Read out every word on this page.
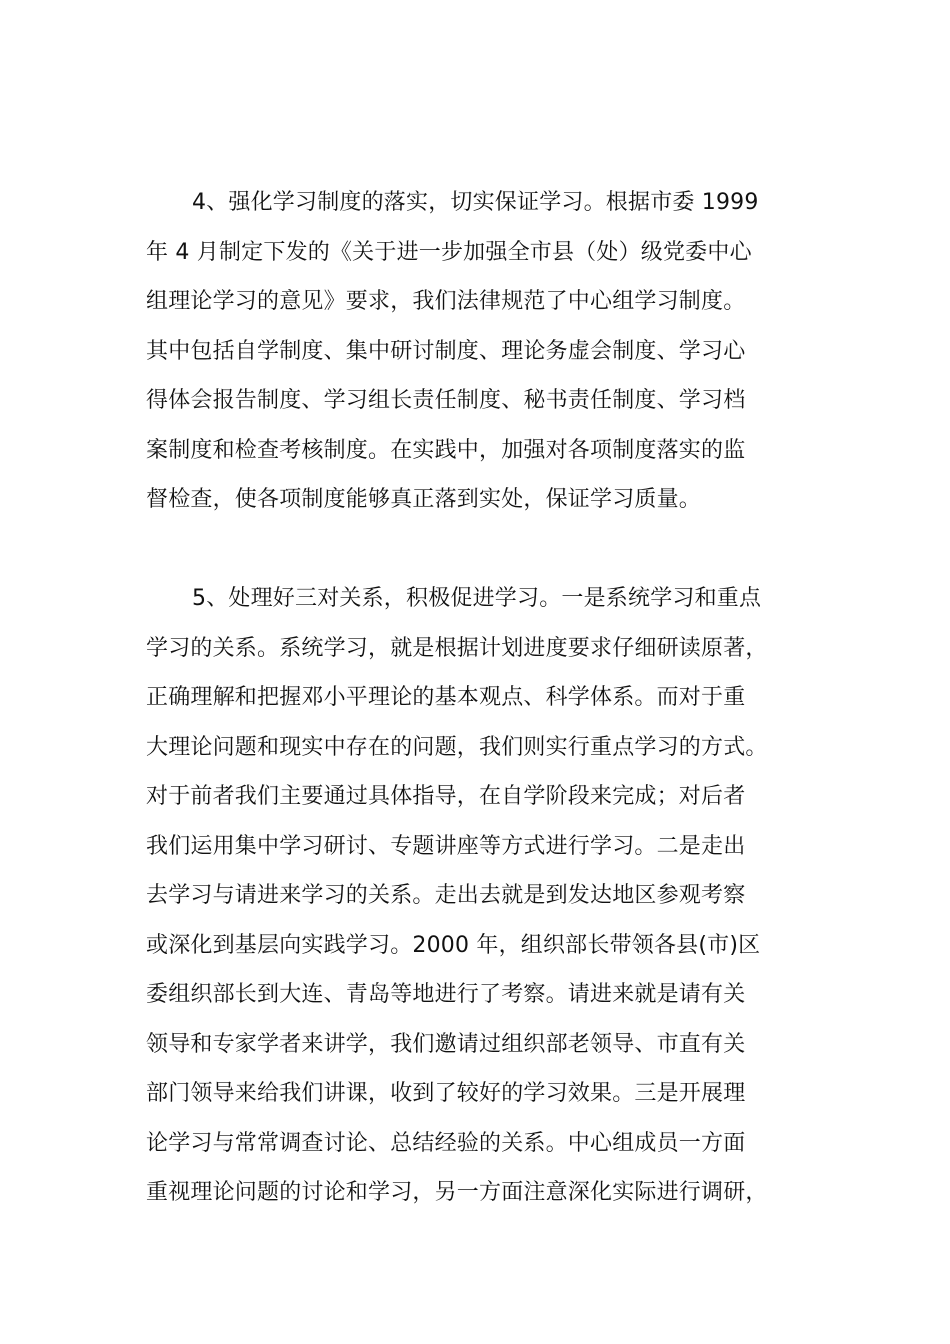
4、强化学习制度的落实，切实保证学习。根据市委 1999
年 4 月制定下发的《关于进一步加强全市县（处）级党委中心
组理论学习的意见》要求，我们法律规范了中心组学习制度。
其中包括自学制度、集中研讨制度、理论务虚会制度、学习心
得体会报告制度、学习组长责任制度、秘书责任制度、学习档
案制度和检查考核制度。在实践中，加强对各项制度落实的监
督检查，使各项制度能够真正落到实处，保证学习质量。
5、处理好三对关系，积极促进学习。一是系统学习和重点
学习的关系。系统学习，就是根据计划进度要求仔细研读原著，
正确理解和把握邓小平理论的基本观点、科学体系。而对于重
大理论问题和现实中存在的问题，我们则实行重点学习的方式。
对于前者我们主要通过具体指导，在自学阶段来完成；对后者
我们运用集中学习研讨、专题讲座等方式进行学习。二是走出
去学习与请进来学习的关系。走出去就是到发达地区参观考察
或深化到基层向实践学习。2000 年，组织部长带领各县(市)区
委组织部长到大连、青岛等地进行了考察。请进来就是请有关
领导和专家学者来讲学，我们邀请过组织部老领导、市直有关
部门领导来给我们讲课，收到了较好的学习效果。三是开展理
论学习与常常调查讨论、总结经验的关系。中心组成员一方面
重视理论问题的讨论和学习，另一方面注意深化实际进行调研，
